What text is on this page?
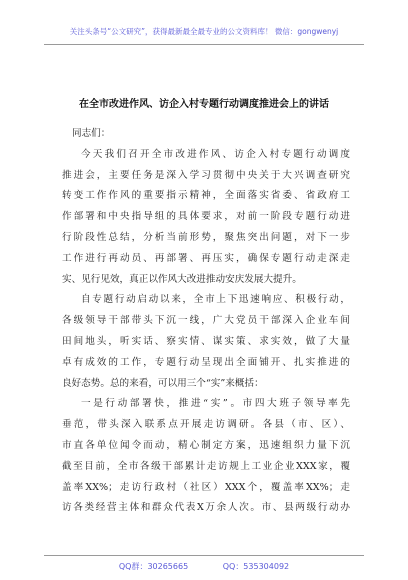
关注头条号“公文研究”，获得最新最全最专业的公文资料库！ 微信：gongwenyj
在全市改进作风、访企入村专题行动调度推进会上的讲话

同志们：

今天我们召开全市改进作风、访企入村专题行动调度
推进会，主要任务是深入学习贯彻中央关于大兴调查研究
转变工作作风的重要指示精神，全面落实省委、省政府工
作部署和中央指导组的具体要求，对前一阶段专题行动进
行阶段性总结，分析当前形势，聚焦突出问题，对下一步
工作进行再动员、再部署、再压实，确保专题行动走深走
实、见行见效，真正以作风大改进推动安庆发展大提升。
自专题行动启动以来，全市上下迅速响应、积极行动，
各级领导干部带头下沉一线，广大党员干部深入企业车间
田间地头，听实话、察实情、谋实策、求实效，做了大量
卓有成效的工作，专题行动呈现出全面铺开、扎实推进的
良好态势。总的来看，可以用三个“实”来概括：
一是行动部署快，推进“实”。市四大班子领导率先
垂范，带头深入联系点开展走访调研。各县（市、区）、
市直各单位闻令而动，精心制定方案，迅速组织力量下沉
截至目前，全市各级干部累计走访规上工业企业XXX家，覆
盖率XX%；走访行政村（社区）XXX个，覆盖率XX%；走
访各类经营主体和群众代表X万余人次。市、县两级行动办
QQ群：30265665	QQ：535304092
